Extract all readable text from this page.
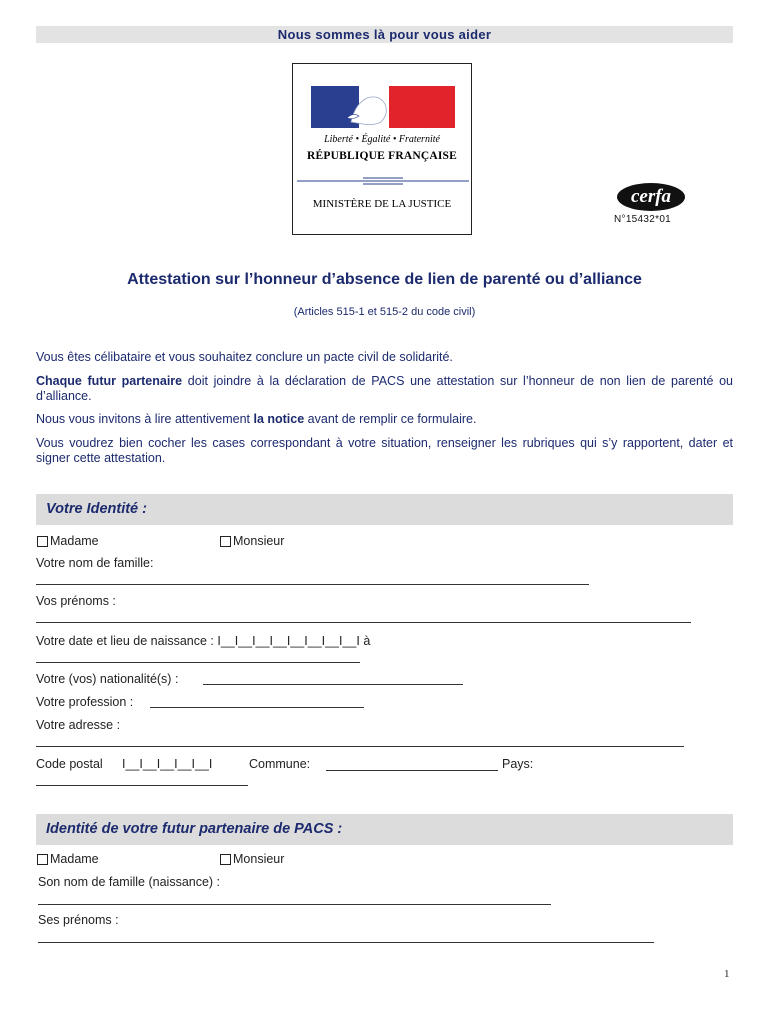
Nous sommes là pour vous aider
Liberté • Égalité • Fraternité
RÉPUBLIQUE FRANÇAISE
MINISTÈRE DE LA JUSTICE	cerfa
N°15432*01
Attestation sur l’honneur d’absence de lien de parenté ou d’alliance
(Articles 515-1 et 515-2 du code civil)
Vous êtes célibataire et vous souhaitez conclure un pacte civil de solidarité.
Chaque futur partenaire doit joindre à la déclaration de PACS une attestation sur l’honneur de non lien de parenté ou d’alliance.
Nous vous invitons à lire attentivement la notice avant de remplir ce formulaire.
Vous voudrez bien cocher les cases correspondant à votre situation, renseigner les rubriques qui s’y rapportent, dater et signer cette attestation.
Votre Identité :
Madame	Monsieur
Votre nom de famille:
Vos prénoms :
Votre date et lieu de naissance : I__I__I__I__I__I__I__I__I à
Votre (vos) nationalité(s) :
Votre profession :
Votre adresse :
Code postal I__I__I__I__I__I	Commune:	Pays:
Identité de votre futur partenaire de PACS :
Madame	Monsieur
Son nom de famille (naissance) :
Ses prénoms :
1
